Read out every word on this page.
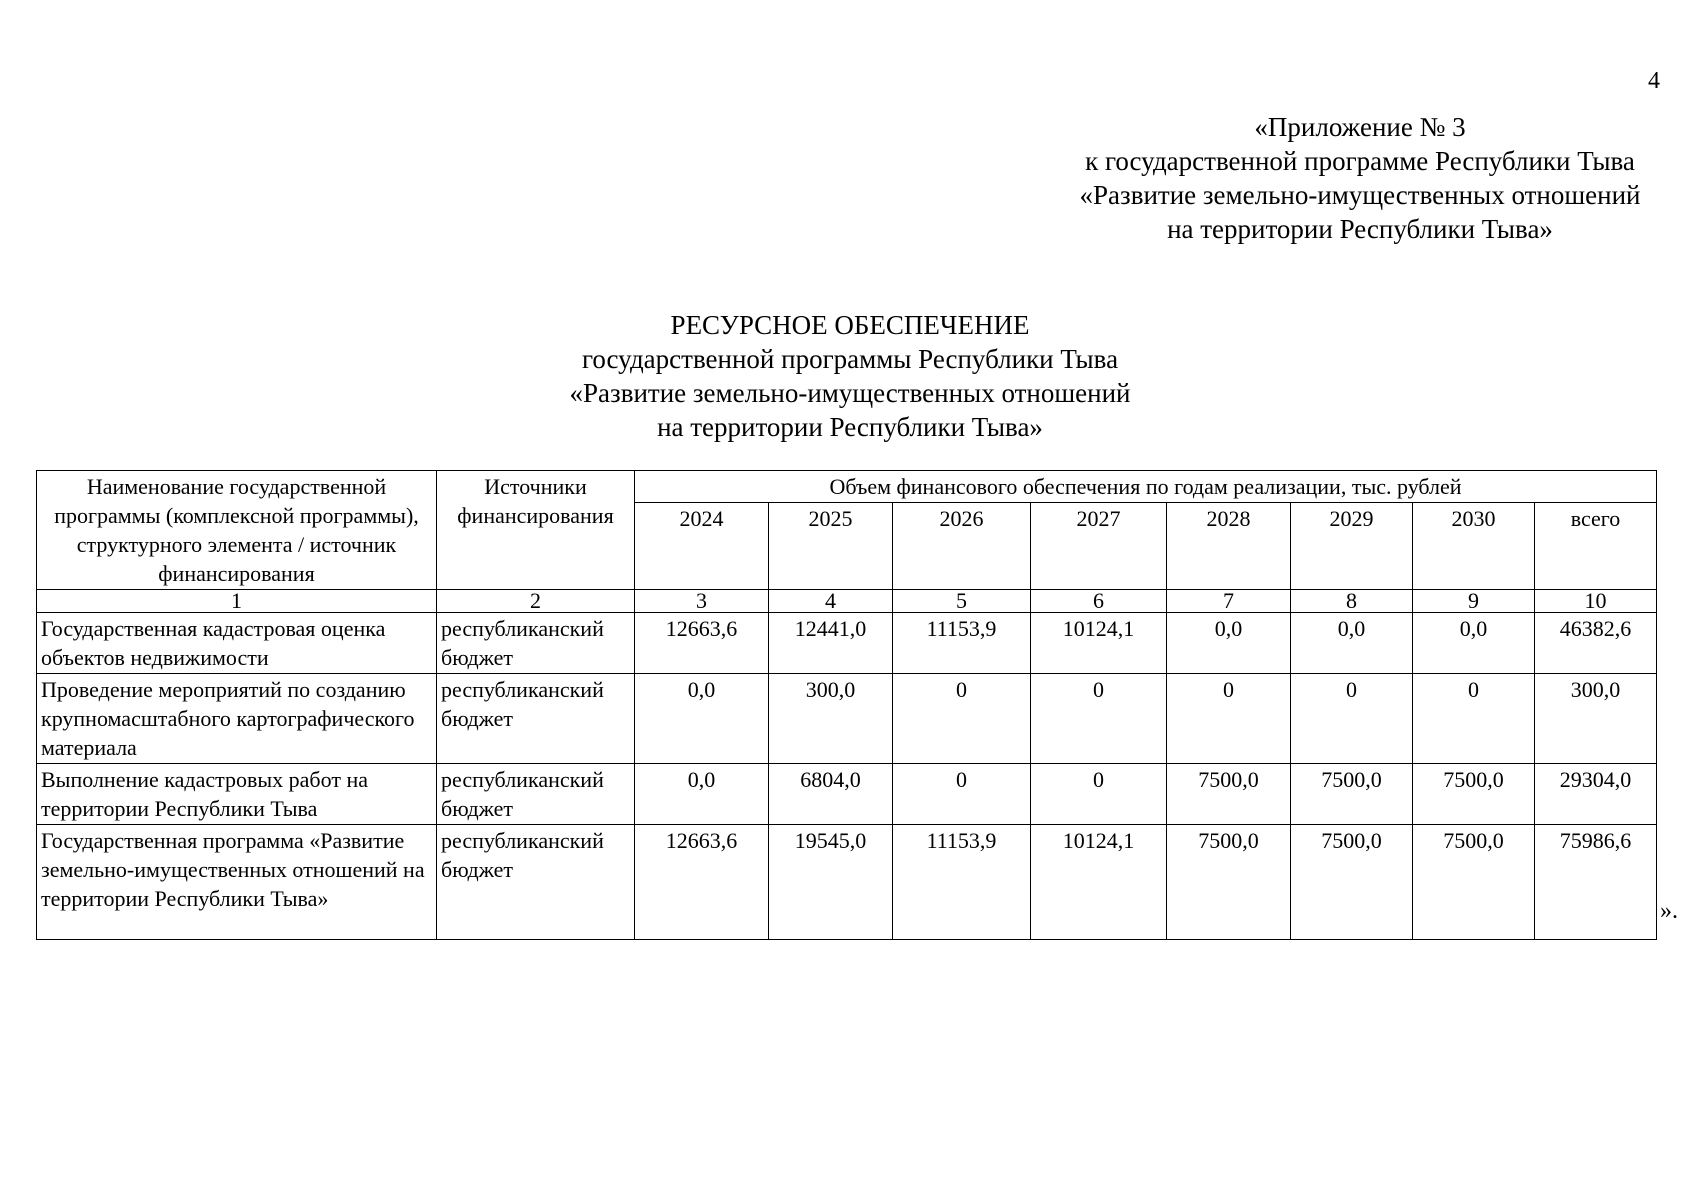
4
«Приложение № 3
к государственной программе Республики Тыва
«Развитие земельно-имущественных отношений
на территории Республики Тыва»
РЕСУРСНОЕ ОБЕСПЕЧЕНИЕ
государственной программы Республики Тыва
«Развитие земельно-имущественных отношений
на территории Республики Тыва»
Наименование государственной программы (комплексной программы), структурного элемента / источник финансирования	Источники финансирования	Объем финансового обеспечения по годам реализации, тыс. рублей							
		2024	2025	2026	2027	2028	2029	2030	всего
1	2	3	4	5	6	7	8	9	10
Государственная кадастровая оценка объектов недвижимости	республиканский бюджет	12663,6	12441,0	11153,9	10124,1	0,0	0,0	0,0	46382,6
Проведение мероприятий по созданию крупномасштабного картографического материала	республиканский бюджет	0,0	300,0	0	0	0	0	0	300,0
Выполнение кадастровых работ на территории Республики Тыва	республиканский бюджет	0,0	6804,0	0	0	7500,0	7500,0	7500,0	29304,0
Государственная программа «Развитие земельно-имущественных отношений на территории Республики Тыва»	республиканский бюджет	12663,6	19545,0	11153,9	10124,1	7500,0	7500,0	7500,0	75986,6
».
